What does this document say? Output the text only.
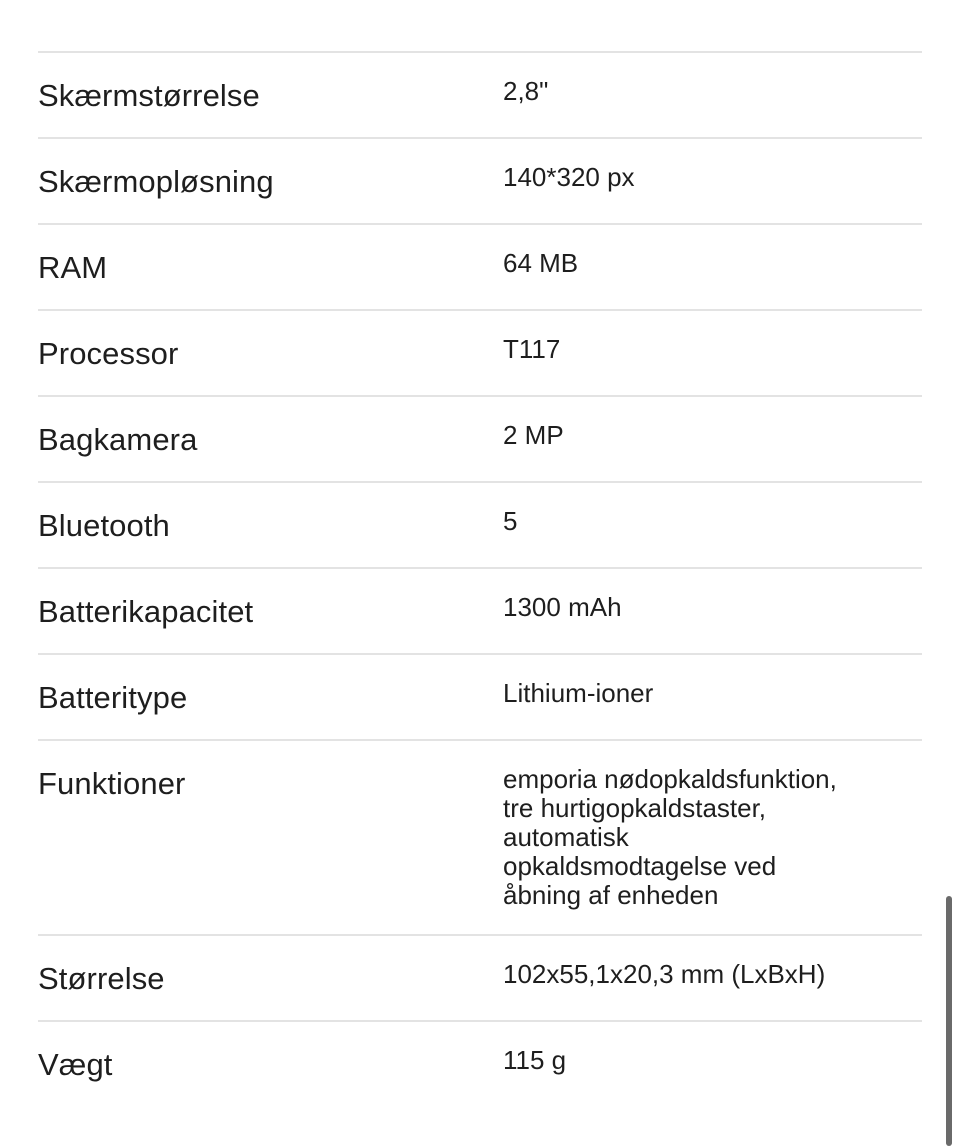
Skærmstørrelse	2,8"
Skærmopløsning	140*320 px
RAM	64 MB
Processor	T117
Bagkamera	2 MP
Bluetooth	5
Batterikapacitet	1300 mAh
Batteritype	Lithium-ioner
Funktioner	emporia nødopkaldsfunktion,
tre hurtigopkaldstaster,
automatisk
opkaldsmodtagelse ved
åbning af enheden
Størrelse	102x55,1x20,3 mm (LxBxH)
Vægt	115 g
